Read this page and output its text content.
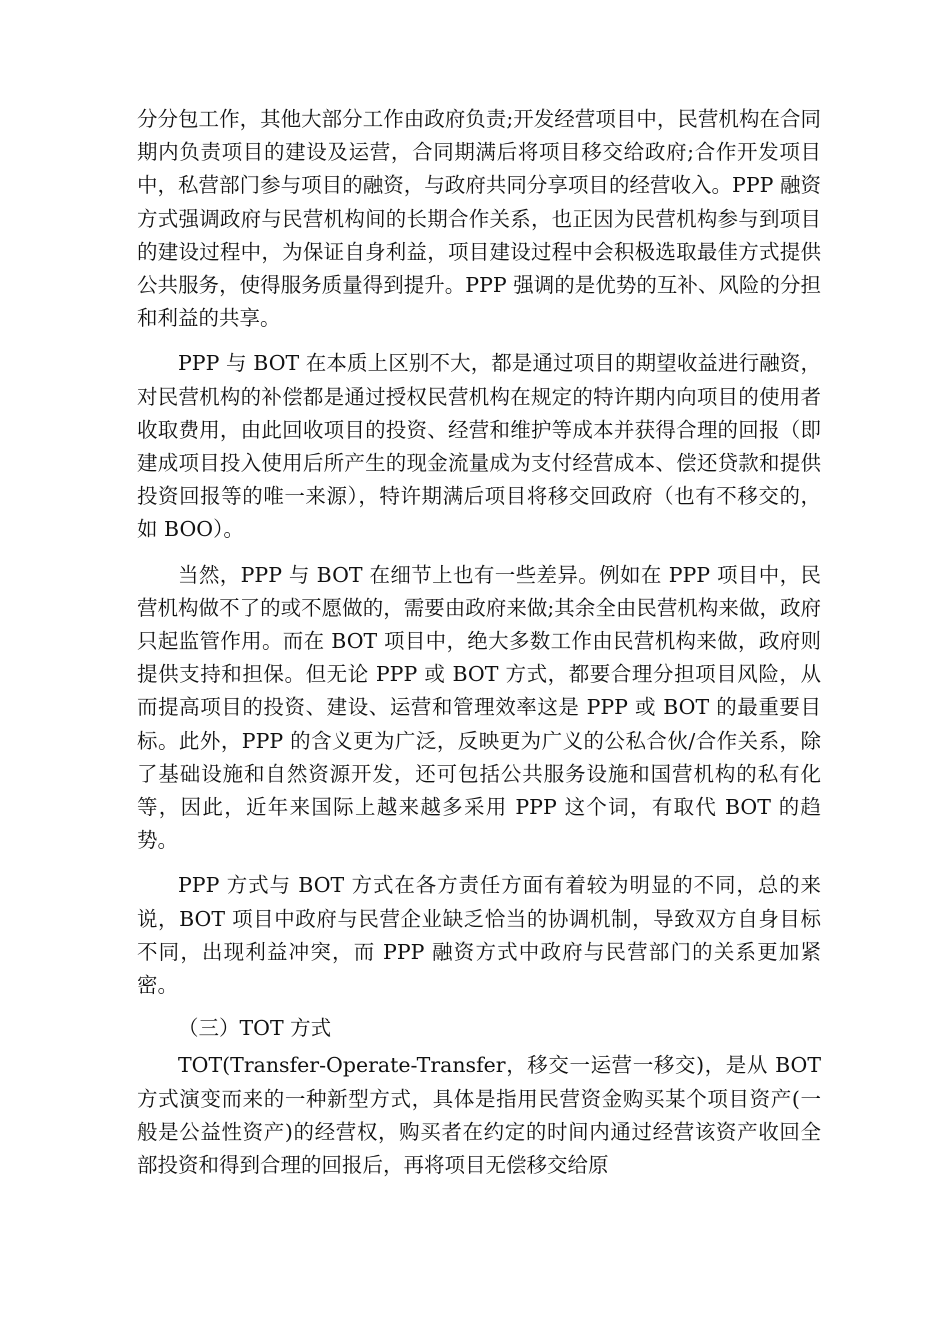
分分包工作，其他大部分工作由政府负责;开发经营项目中，民营机构在合同期内负责项目的建设及运营，合同期满后将项目移交给政府;合作开发项目中，私营部门参与项目的融资，与政府共同分享项目的经营收入。PPP 融资方式强调政府与民营机构间的长期合作关系，也正因为民营机构参与到项目的建设过程中，为保证自身利益，项目建设过程中会积极选取最佳方式提供公共服务，使得服务质量得到提升。PPP 强调的是优势的互补、风险的分担和利益的共享。

PPP 与 BOT 在本质上区别不大，都是通过项目的期望收益进行融资，对民营机构的补偿都是通过授权民营机构在规定的特许期内向项目的使用者收取费用，由此回收项目的投资、经营和维护等成本并获得合理的回报（即建成项目投入使用后所产生的现金流量成为支付经营成本、偿还贷款和提供投资回报等的唯一来源），特许期满后项目将移交回政府（也有不移交的，如 BOO）。

当然，PPP 与 BOT 在细节上也有一些差异。例如在 PPP 项目中，民营机构做不了的或不愿做的，需要由政府来做;其余全由民营机构来做，政府只起监管作用。而在 BOT 项目中，绝大多数工作由民营机构来做，政府则提供支持和担保。但无论 PPP 或 BOT 方式，都要合理分担项目风险，从而提高项目的投资、建设、运营和管理效率这是 PPP 或 BOT 的最重要目标。此外，PPP 的含义更为广泛，反映更为广义的公私合伙/合作关系，除了基础设施和自然资源开发，还可包括公共服务设施和国营机构的私有化等，因此，近年来国际上越来越多采用 PPP 这个词，有取代 BOT 的趋势。

PPP 方式与 BOT 方式在各方责任方面有着较为明显的不同，总的来说，BOT 项目中政府与民营企业缺乏恰当的协调机制，导致双方自身目标不同，出现利益冲突，而 PPP 融资方式中政府与民营部门的关系更加紧密。

（三）TOT 方式

TOT(Transfer-Operate-Transfer，移交一运营一移交)，是从 BOT 方式演变而来的一种新型方式，具体是指用民营资金购买某个项目资产(一般是公益性资产)的经营权，购买者在约定的时间内通过经营该资产收回全部投资和得到合理的回报后，再将项目无偿移交给原
